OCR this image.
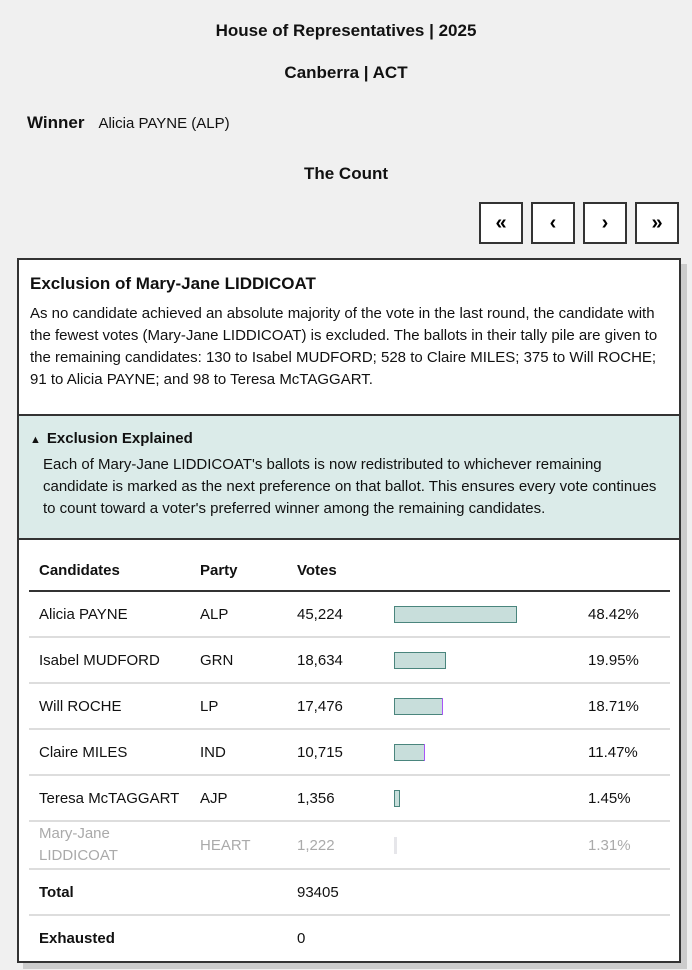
House of Representatives | 2025
Canberra | ACT
Winner Alicia PAYNE (ALP)
The Count
«	‹	›	»
Exclusion of Mary-Jane LIDDICOAT

As no candidate achieved an absolute majority of the vote in the last round, the candidate with the fewest votes (Mary-Jane LIDDICOAT) is excluded. The ballots in their tally pile are given to the remaining candidates: 130 to Isabel MUDFORD; 528 to Claire MILES; 375 to Will ROCHE; 91 to Alicia PAYNE; and 98 to Teresa McTAGGART.

▲ Exclusion Explained

Each of Mary-Jane LIDDICOAT's ballots is now redistributed to whichever remaining candidate is marked as the next preference on that ballot. This ensures every vote continues to count toward a voter's preferred winner among the remaining candidates.

Candidates	Party	Votes		
Alicia PAYNE	ALP	45,224		48.42%
Isabel MUDFORD	GRN	18,634		19.95%
Will ROCHE	LP	17,476		18.71%
Claire MILES	IND	10,715		11.47%
Teresa McTAGGART	AJP	1,356		1.45%
Mary-Jane LIDDICOAT	HEART	1,222		1.31%
Total		93405		
Exhausted		0		
